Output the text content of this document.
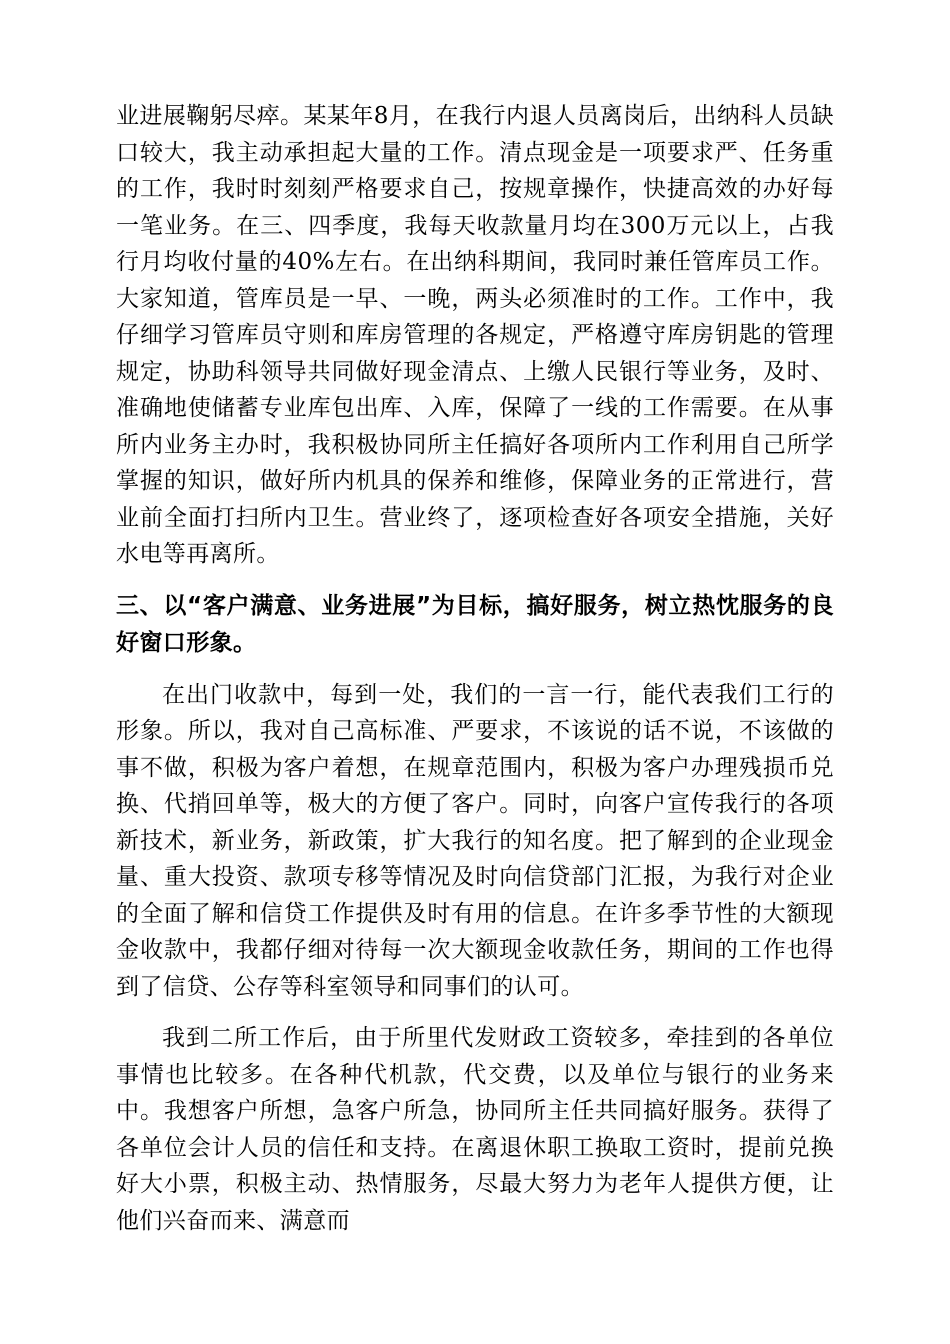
业进展鞠躬尽瘁。某某年8月，在我行内退人员离岗后，出纳科人员缺口较大，我主动承担起大量的工作。清点现金是一项要求严、任务重的工作，我时时刻刻严格要求自己，按规章操作，快捷高效的办好每一笔业务。在三、四季度，我每天收款量月均在300万元以上，占我行月均收付量的40%左右。在出纳科期间，我同时兼任管库员工作。大家知道，管库员是一早、一晚，两头必须准时的工作。工作中，我仔细学习管库员守则和库房管理的各规定，严格遵守库房钥匙的管理规定，协助科领导共同做好现金清点、上缴人民银行等业务，及时、准确地使储蓄专业库包出库、入库，保障了一线的工作需要。在从事所内业务主办时，我积极协同所主任搞好各项所内工作利用自己所学掌握的知识，做好所内机具的保养和维修，保障业务的正常进行，营业前全面打扫所内卫生。营业终了，逐项检查好各项安全措施，关好水电等再离所。

三、以“客户满意、业务进展”为目标，搞好服务，树立热忱服务的良好窗口形象。

在出门收款中，每到一处，我们的一言一行，能代表我们工行的形象。所以，我对自己高标准、严要求，不该说的话不说，不该做的事不做，积极为客户着想，在规章范围内，积极为客户办理残损币兑换、代捎回单等，极大的方便了客户。同时，向客户宣传我行的各项新技术，新业务，新政策，扩大我行的知名度。把了解到的企业现金量、重大投资、款项专移等情况及时向信贷部门汇报，为我行对企业的全面了解和信贷工作提供及时有用的信息。在许多季节性的大额现金收款中，我都仔细对待每一次大额现金收款任务，期间的工作也得到了信贷、公存等科室领导和同事们的认可。

我到二所工作后，由于所里代发财政工资较多，牵挂到的各单位事情也比较多。在各种代机款，代交费，以及单位与银行的业务来中。我想客户所想，急客户所急，协同所主任共同搞好服务。获得了各单位会计人员的信任和支持。在离退休职工换取工资时，提前兑换好大小票，积极主动、热情服务，尽最大努力为老年人提供方便，让他们兴奋而来、满意而
